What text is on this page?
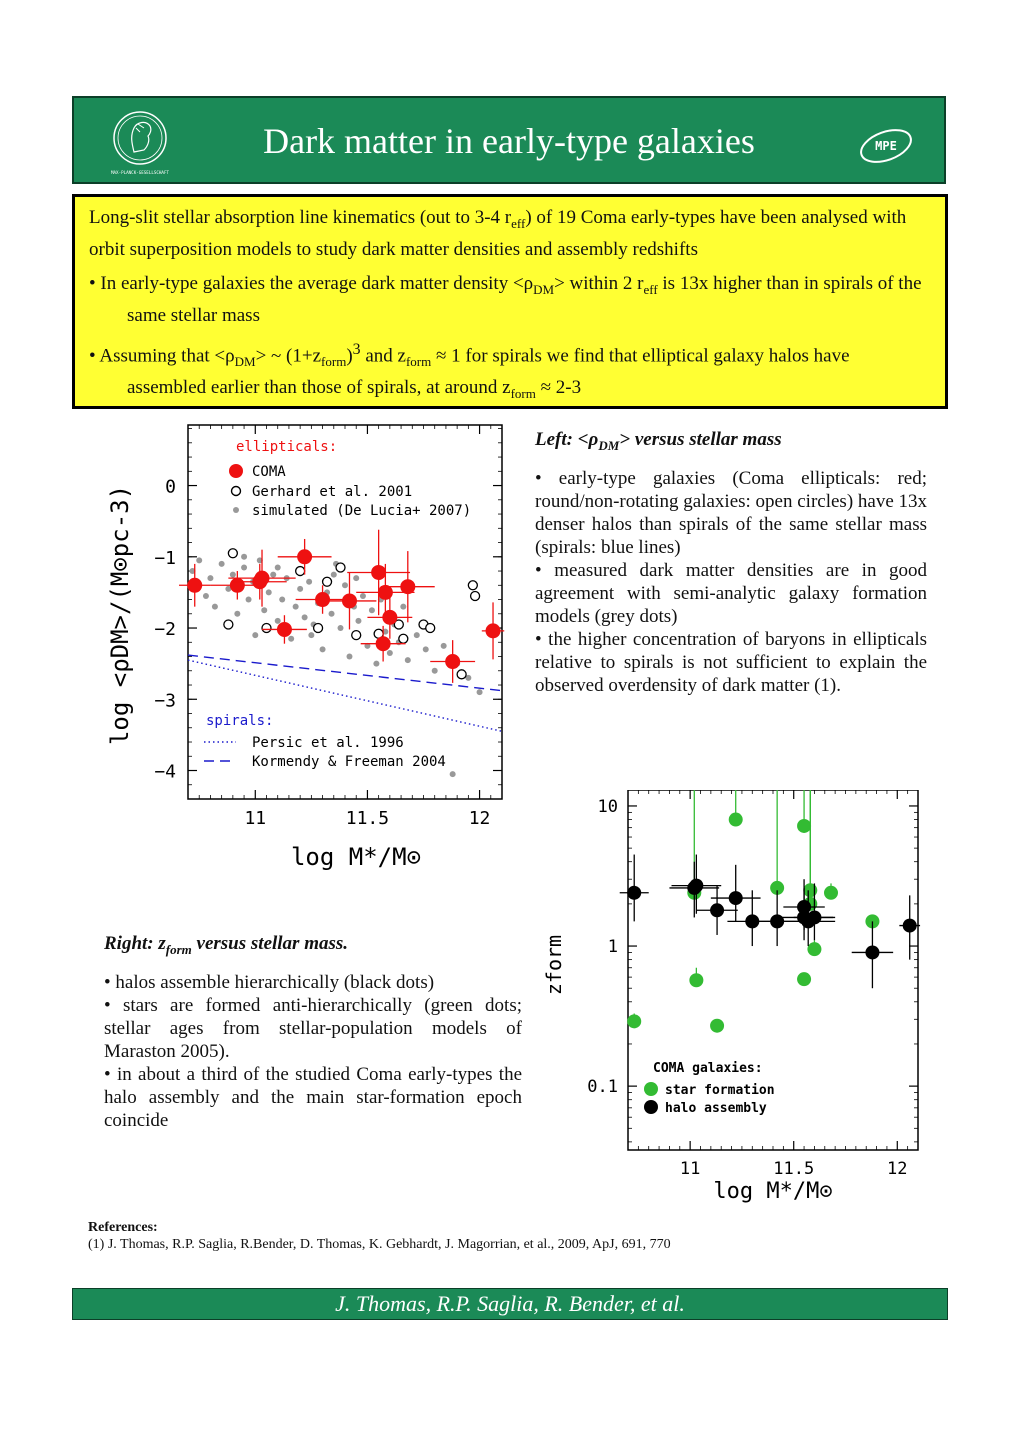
MAX-PLANCK-GESELLSCHAFT
Dark matter in early-type galaxies	MPE

Long-slit stellar absorption line kinematics (out to 3-4 $r_{eff}$) of 19 Coma early-types have been analysed with orbit superposition models to study dark matter densities and assembly redshifts

• In early-type galaxies the average dark matter density $<\rho_{DM}>$ within 2 $r_{eff}$ is 13x higher than in spirals of the same stellar mass

• Assuming that $<\rho_{DM}>$ ~ $(1+z_{form})^3$ and $z_{form} \approx 1$ for spirals we find that elliptical galaxy halos have assembled earlier than those of spirals, at around $z_{form} \approx 2-3$

11	11.5	12
0
−1
−2
−3
−4
ellipticals:
COMA
Gerhard et al. 2001
simulated (De Lucia+ 2007)
spirals:
Persic et al. 1996
Kormendy & Freeman 2004
log M*/M⊙
log <ρDM>/(M⊙pc-3)

Left: $<\rho_{DM}>$ versus stellar mass

• early-type galaxies (Coma ellipticals: red; round/non-rotating galaxies: open circles) have 13x denser halos than spirals of the same stellar mass (spirals: blue lines)

• measured dark matter densities are in good agreement with semi-analytic galaxy formation models (grey dots)

• the higher concentration of baryons in ellipticals relative to spirals is not sufficient to explain the observed overdensity of dark matter (1).

11	11.5	12
10
1
0.1
COMA galaxies:
star formation
halo assembly
log M*/M⊙
zform

Right: $z_{form}$ versus stellar mass.

• halos assemble hierarchically (black dots)

• stars are formed anti-hierarchically (green dots; stellar ages from stellar-population models of Maraston 2005).

• in about a third of the studied Coma early-types the halo assembly and the main star-formation epoch coincide

References:
(1) J. Thomas, R.P. Saglia, R.Bender, D. Thomas, K. Gebhardt, J. Magorrian, et al., 2009, ApJ, 691, 770
J. Thomas, R.P. Saglia, R. Bender, et al.
